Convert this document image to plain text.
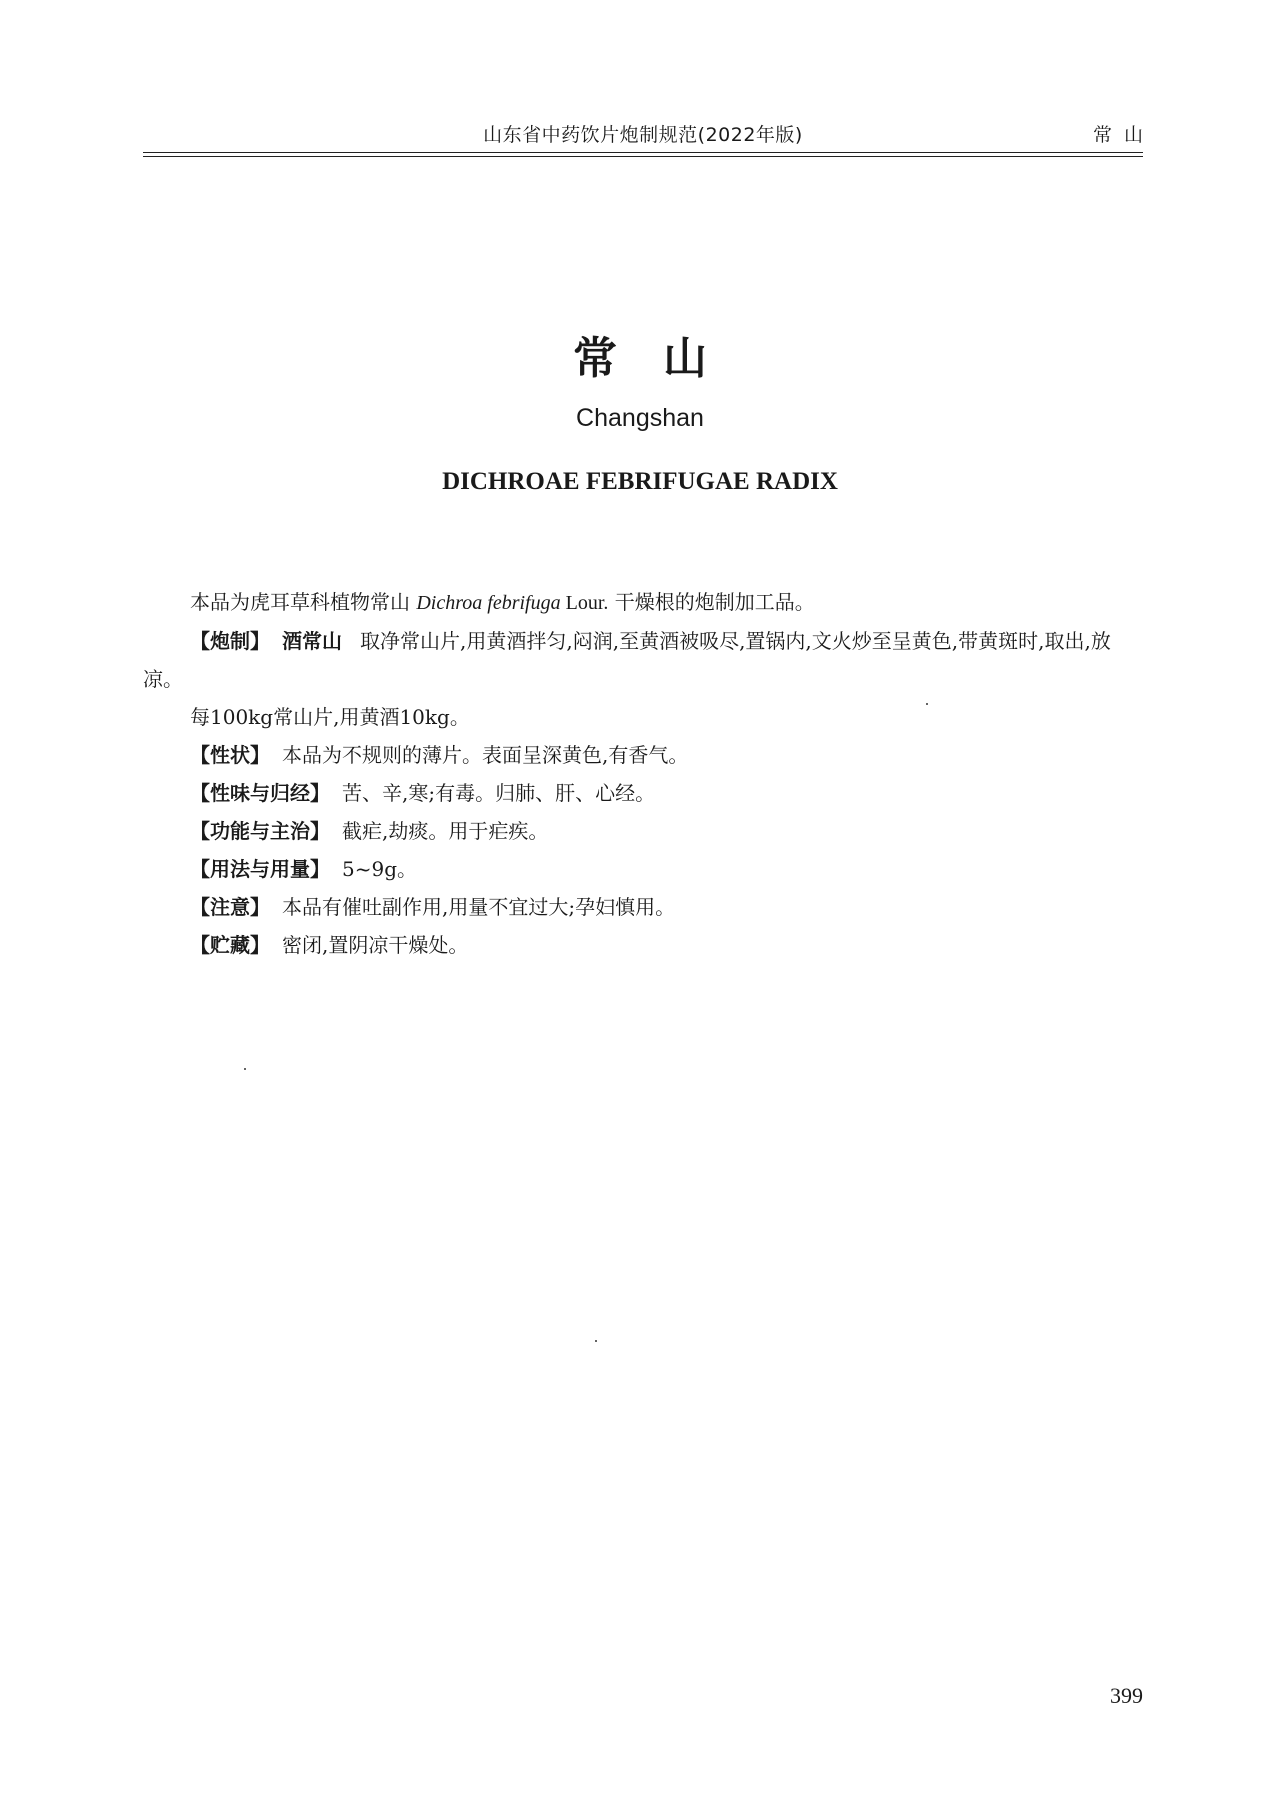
山东省中药饮片炮制规范(2022年版)	常山
常山
Changshan
DICHROAE FEBRIFUGAE RADIX

本品为虎耳草科植物常山 Dichroa febrifuga Lour. 干燥根的炮制加工品。

【炮制】 酒常山 取净常山片,用黄酒拌匀,闷润,至黄酒被吸尽,置锅内,文火炒至呈黄色,带黄斑时,取出,放凉。

每100kg常山片,用黄酒10kg。

【性状】 本品为不规则的薄片。表面呈深黄色,有香气。

【性味与归经】 苦、辛,寒;有毒。归肺、肝、心经。

【功能与主治】 截疟,劫痰。用于疟疾。

【用法与用量】 5~9g。

【注意】 本品有催吐副作用,用量不宜过大;孕妇慎用。

【贮藏】 密闭,置阴凉干燥处。

399
